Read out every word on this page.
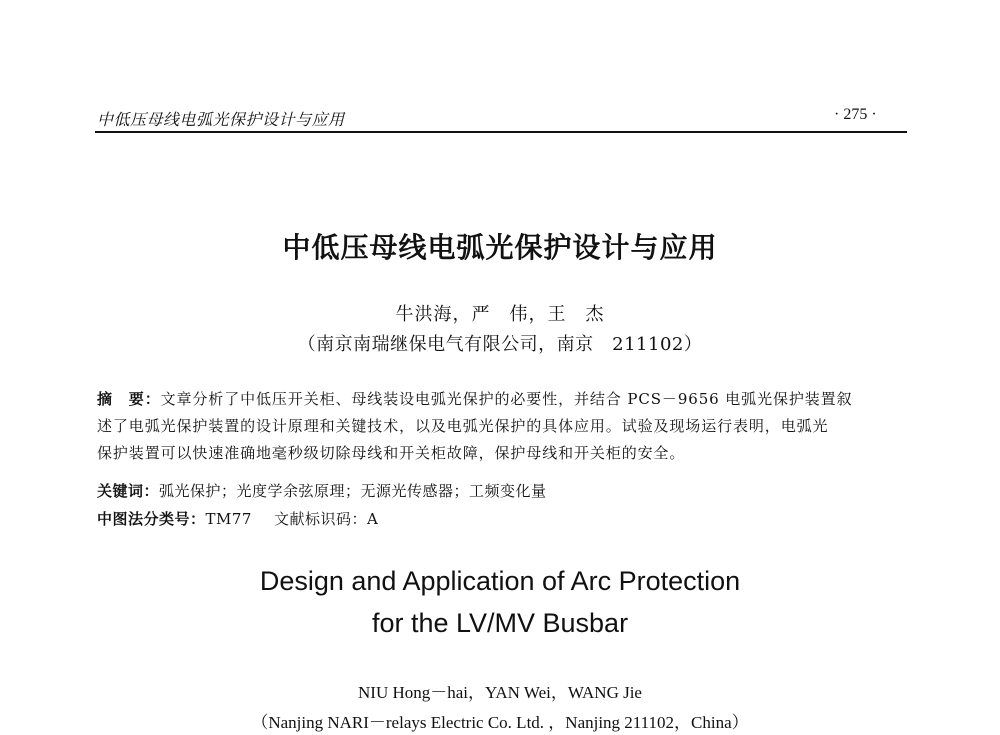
中低压母线电弧光保护设计与应用	· 275 ·
中低压母线电弧光保护设计与应用
牛洪海，严　伟，王　杰
（南京南瑞继保电气有限公司，南京　211102）
摘　要：文章分析了中低压开关柜、母线装设电弧光保护的必要性，并结合 PCS－9656 电弧光保护装置叙
述了电弧光保护装置的设计原理和关键技术，以及电弧光保护的具体应用。试验及现场运行表明，电弧光
保护装置可以快速准确地毫秒级切除母线和开关柜故障，保护母线和开关柜的安全。
关键词：弧光保护；光度学余弦原理；无源光传感器；工频变化量
中图法分类号：TM77 文献标识码：A
Design and Application of Arc Protection
for the LV/MV Busbar
NIU Hong－hai，YAN Wei，WANG Jie
（Nanjing NARI－relays Electric Co. Ltd. ，Nanjing 211102，China）
